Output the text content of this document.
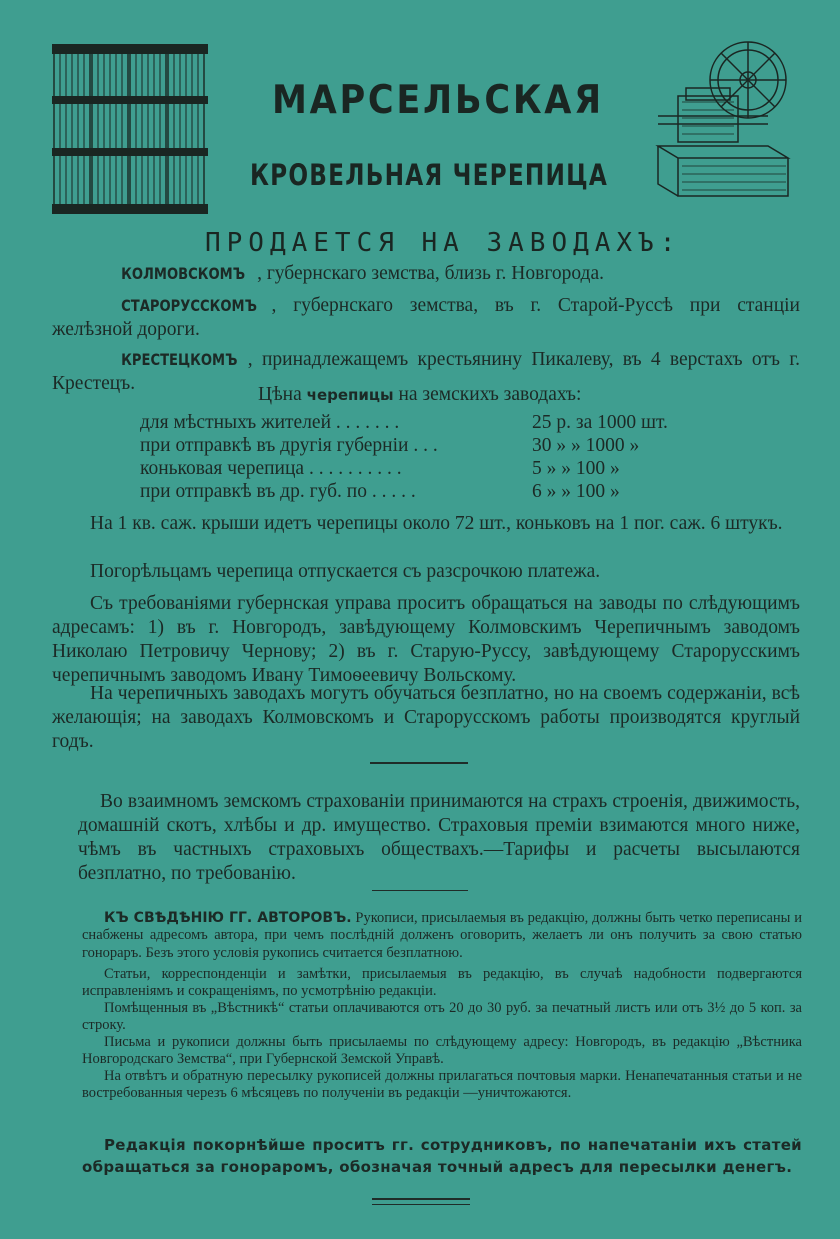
МАРСЕЛЬСКАЯ
КРОВЕЛЬНАЯ ЧЕРЕПИЦА
ПРОДАЕТСЯ НА ЗАВОДАХЪ:
КОЛМОВСКОМЪ , губернскаго земства, близь г. Новгорода.
СТАРОРУССКОМЪ , губернскаго земства, въ г. Старой-Руссѣ при станціи желѣзной дороги.
КРЕСТЕЦКОМЪ , принадлежащемъ крестьянину Пикалеву, въ 4 верстахъ отъ г. Крестецъ.
Цѣна черепицы на земскихъ заводахъ:
для мѣстныхъ жителей . . . . . . .	25 р. за 1000 шт.
при отправкѣ въ другія губерніи . . .	30 » » 1000 »
коньковая черепица . . . . . . . . . .	5 » » 100 »
при отправкѣ въ др. губ. по . . . . .	6 » » 100 »
На 1 кв. саж. крыши идетъ черепицы около 72 шт., коньковъ на 1 пог. саж. 6 штукъ.
Погорѣльцамъ черепица отпускается съ разсрочкою платежа.
Съ требованіями губернская управа проситъ обращаться на заводы по слѣдующимъ адресамъ: 1) въ г. Новгородъ, завѣдующему Колмовскимъ Черепичнымъ заводомъ Николаю Петровичу Чернову; 2) въ г. Старую-Руссу, завѣдующему Старорусскимъ черепичнымъ заводомъ Ивану Тимоѳеевичу Вольскому.
На черепичныхъ заводахъ могутъ обучаться безплатно, но на своемъ содержаніи, всѣ желающія; на заводахъ Колмовскомъ и Старорусскомъ работы производятся круглый годъ.
Во взаимномъ земскомъ страхованіи принимаются на страхъ строенія, движимость, домашній скотъ, хлѣбы и др. имущество. Страховыя преміи взимаются много ниже, чѣмъ въ частныхъ страховыхъ обществахъ.—Тарифы и расчеты высылаются безплатно, по требованію.
КЪ СВѢДѢНІЮ ГГ. АВТОРОВЪ. Рукописи, присылаемыя въ редакцію, должны быть четко переписаны и снабжены адресомъ автора, при чемъ послѣдній долженъ оговорить, желаетъ ли онъ получить за свою статью гонораръ. Безъ этого условія рукопись считается безплатною.
Статьи, корреспонденціи и замѣтки, присылаемыя въ редакцію, въ случаѣ надобности подвергаются исправленіямъ и сокращеніямъ, по усмотрѣнію редакціи.
Помѣщенныя въ „Вѣстникѣ“ статьи оплачиваются отъ 20 до 30 руб. за печатный листъ или отъ 3½ до 5 коп. за строку.
Письма и рукописи должны быть присылаемы по слѣдующему адресу: Новгородъ, въ редакцію „Вѣстника Новгородскаго Земства“, при Губернской Земской Управѣ.
На отвѣтъ и обратную пересылку рукописей должны прилагаться почтовыя марки. Ненапечатанныя статьи и не востребованныя черезъ 6 мѣсяцевъ по полученіи въ редакціи —уничтожаются.
Редакція покорнѣйше проситъ гг. сотрудниковъ, по напечатаніи ихъ статей обращаться за гонораромъ, обозначая точный адресъ для пересылки денегъ.
